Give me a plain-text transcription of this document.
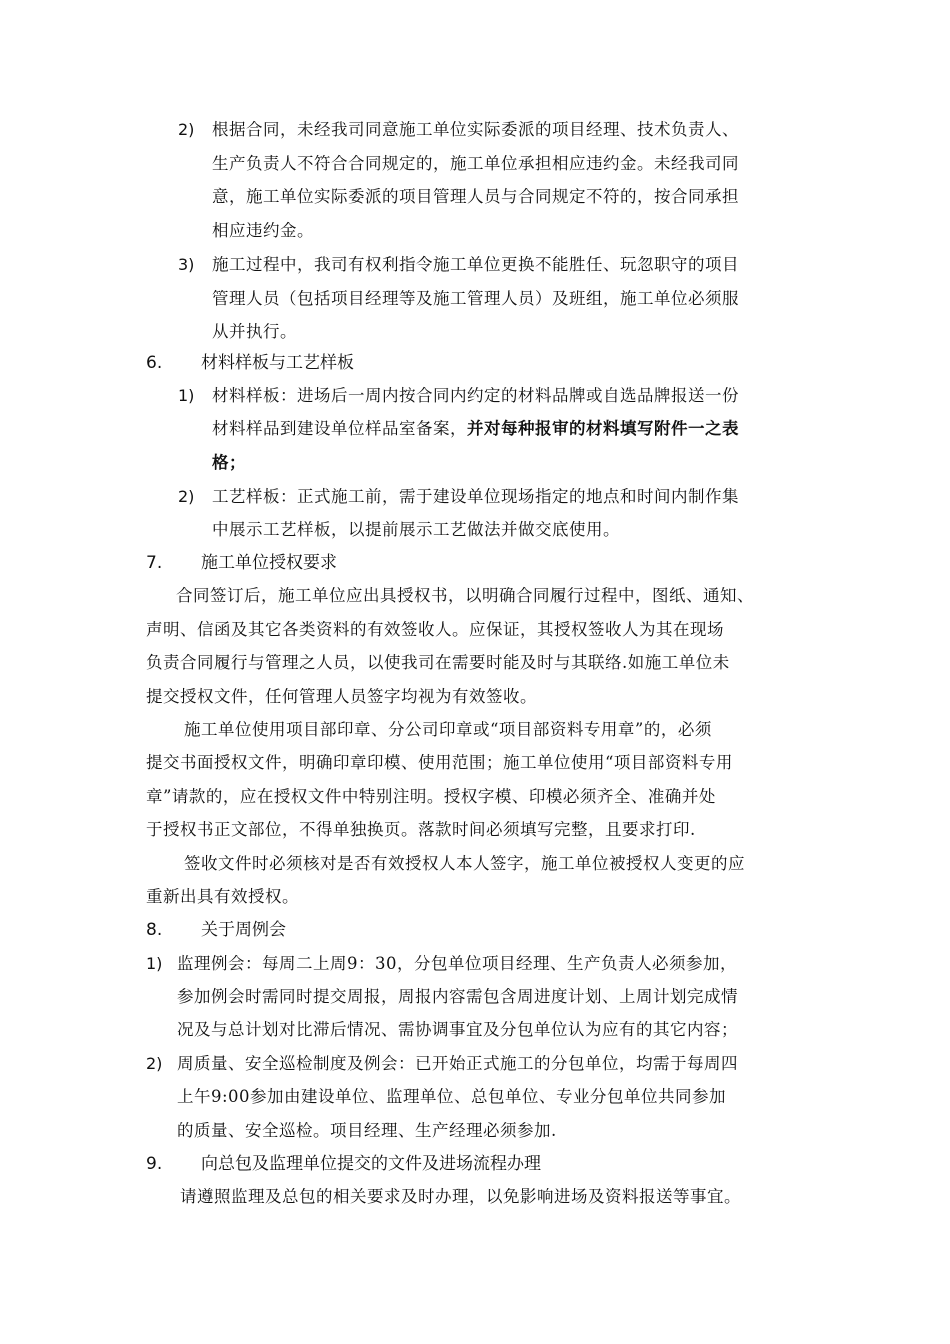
2) 根据合同，未经我司同意施工单位实际委派的项目经理、技术负责人、
生产负责人不符合合同规定的，施工单位承担相应违约金。未经我司同
意，施工单位实际委派的项目管理人员与合同规定不符的，按合同承担
相应违约金。
3) 施工过程中，我司有权利指令施工单位更换不能胜任、玩忽职守的项目
管理人员（包括项目经理等及施工管理人员）及班组，施工单位必须服
从并执行。
6. 材料样板与工艺样板
1) 材料样板：进场后一周内按合同内约定的材料品牌或自选品牌报送一份
材料样品到建设单位样品室备案，并对每种报审的材料填写附件一之表
格；
2) 工艺样板：正式施工前，需于建设单位现场指定的地点和时间内制作集
中展示工艺样板，以提前展示工艺做法并做交底使用。
7. 施工单位授权要求
合同签订后，施工单位应出具授权书，以明确合同履行过程中，图纸、通知、
声明、信函及其它各类资料的有效签收人。应保证，其授权签收人为其在现场
负责合同履行与管理之人员，以使我司在需要时能及时与其联络.如施工单位未
提交授权文件，任何管理人员签字均视为有效签收。
施工单位使用项目部印章、分公司印章或“项目部资料专用章”的，必须
提交书面授权文件，明确印章印模、使用范围；施工单位使用“项目部资料专用
章”请款的，应在授权文件中特别注明。授权字模、印模必须齐全、准确并处
于授权书正文部位，不得单独换页。落款时间必须填写完整，且要求打印.
签收文件时必须核对是否有效授权人本人签字，施工单位被授权人变更的应
重新出具有效授权。
8. 关于周例会
1) 监理例会：每周二上周9：30，分包单位项目经理、生产负责人必须参加，
参加例会时需同时提交周报，周报内容需包含周进度计划、上周计划完成情
况及与总计划对比滞后情况、需协调事宜及分包单位认为应有的其它内容；
2) 周质量、安全巡检制度及例会：已开始正式施工的分包单位，均需于每周四
上午9:00参加由建设单位、监理单位、总包单位、专业分包单位共同参加
的质量、安全巡检。项目经理、生产经理必须参加.
9. 向总包及监理单位提交的文件及进场流程办理
请遵照监理及总包的相关要求及时办理，以免影响进场及资料报送等事宜。
